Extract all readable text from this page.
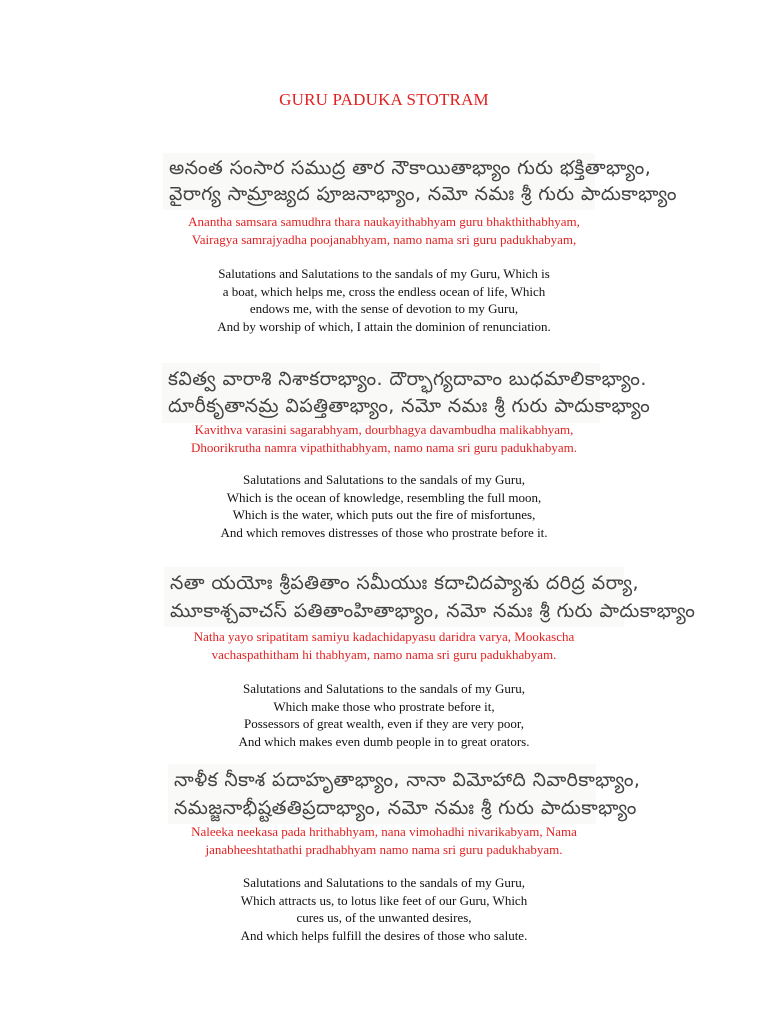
GURU PADUKA STOTRAM
అనంత సంసార సముద్ర తార నౌకాయితాభ్యాం గురు భక్తితాభ్యాం,
వైరాగ్య సామ్రాజ్యద పూజనాభ్యాం, నమో నమః శ్రీ గురు పాదుకాభ్యాం
Anantha samsara samudhra thara naukayithabhyam guru bhakthithabhyam,
Vairagya samrajyadha poojanabhyam, namo nama sri guru padukhabyam,
Salutations and Salutations to the sandals of my Guru, Which is
a boat, which helps me, cross the endless ocean of life, Which
endows me, with the sense of devotion to my Guru,
And by worship of which, I attain the dominion of renunciation.
కవిత్వ వారాశి నిశాకరాభ్యాం. దౌర్భాగ్యదావాం బుధమాలికాభ్యాం.
దూరీకృతానమ్ర విపత్తితాభ్యాం, నమో నమః శ్రీ గురు పాదుకాభ్యాం
Kavithva varasini sagarabhyam, dourbhagya davambudha malikabhyam,
Dhoorikrutha namra vipathithabhyam, namo nama sri guru padukhabyam.
Salutations and Salutations to the sandals of my Guru,
Which is the ocean of knowledge, resembling the full moon,
Which is the water, which puts out the fire of misfortunes,
And which removes distresses of those who prostrate before it.
నతా యయోః శ్రీపతితాం సమీయుః కదాచిదప్యాశు దరిద్ర వర్యా,
మూకాశ్చవాచస్ పతితాంహితాభ్యాం, నమో నమః శ్రీ గురు పాదుకాభ్యాం
Natha yayo sripatitam samiyu kadachidapyasu daridra varya, Mookascha
vachaspathitham hi thabhyam, namo nama sri guru padukhabyam.
Salutations and Salutations to the sandals of my Guru,
Which make those who prostrate before it,
Possessors of great wealth, even if they are very poor,
And which makes even dumb people in to great orators.
నాళీక నీకాశ పదాహృతాభ్యాం, నానా విమోహాది నివారికాభ్యాం,
నమజ్జనాభీష్టతతిప్రదాభ్యాం, నమో నమః శ్రీ గురు పాదుకాభ్యాం
Naleeka neekasa pada hrithabhyam, nana vimohadhi nivarikabyam, Nama
janabheeshtathathi pradhabhyam namo nama sri guru padukhabyam.
Salutations and Salutations to the sandals of my Guru,
Which attracts us, to lotus like feet of our Guru, Which
cures us, of the unwanted desires,
And which helps fulfill the desires of those who salute.
